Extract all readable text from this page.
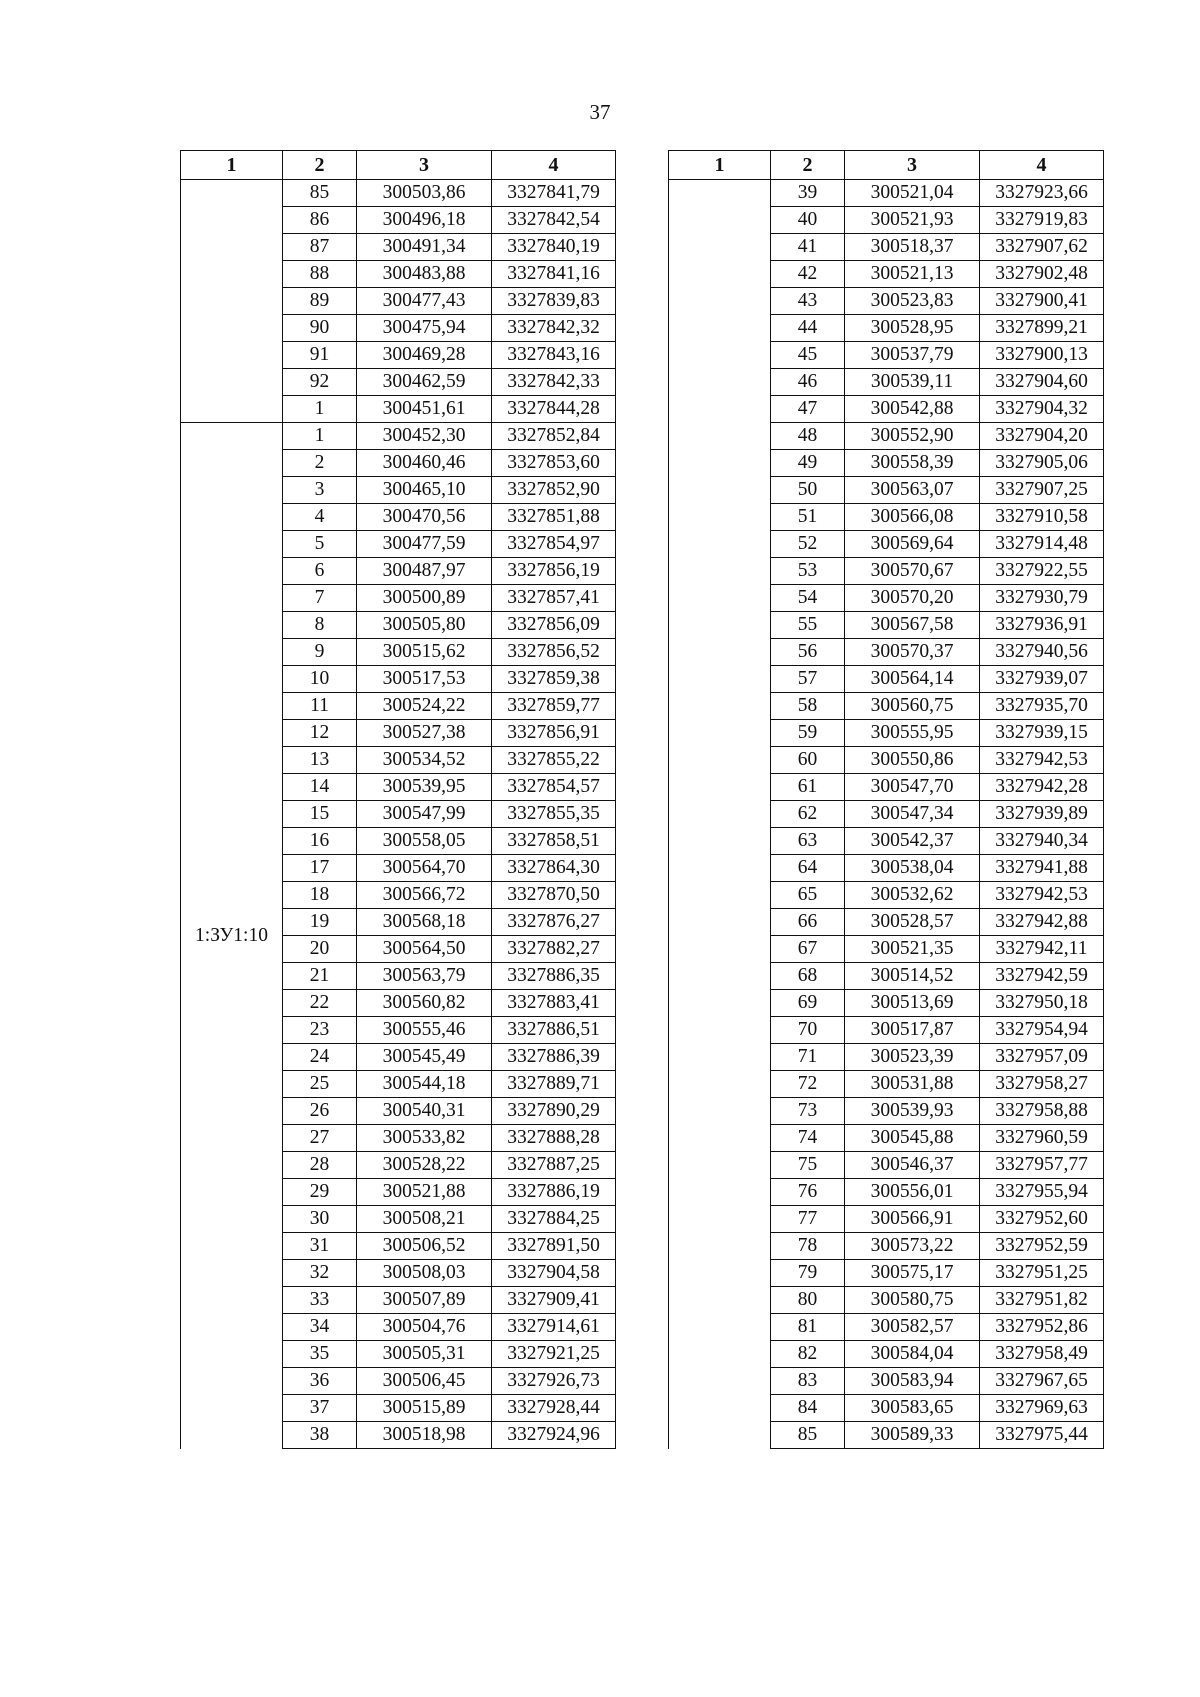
37
1	2	3	4
	85	300503,86	3327841,79
	86	300496,18	3327842,54
	87	300491,34	3327840,19
	88	300483,88	3327841,16
	89	300477,43	3327839,83
	90	300475,94	3327842,32
	91	300469,28	3327843,16
	92	300462,59	3327842,33
	1	300451,61	3327844,28
1:ЗУ1:10	1	300452,30	3327852,84
	2	300460,46	3327853,60
	3	300465,10	3327852,90
	4	300470,56	3327851,88
	5	300477,59	3327854,97
	6	300487,97	3327856,19
	7	300500,89	3327857,41
	8	300505,80	3327856,09
	9	300515,62	3327856,52
	10	300517,53	3327859,38
	11	300524,22	3327859,77
	12	300527,38	3327856,91
	13	300534,52	3327855,22
	14	300539,95	3327854,57
	15	300547,99	3327855,35
	16	300558,05	3327858,51
	17	300564,70	3327864,30
	18	300566,72	3327870,50
	19	300568,18	3327876,27
	20	300564,50	3327882,27
	21	300563,79	3327886,35
	22	300560,82	3327883,41
	23	300555,46	3327886,51
	24	300545,49	3327886,39
	25	300544,18	3327889,71
	26	300540,31	3327890,29
	27	300533,82	3327888,28
	28	300528,22	3327887,25
	29	300521,88	3327886,19
	30	300508,21	3327884,25
	31	300506,52	3327891,50
	32	300508,03	3327904,58
	33	300507,89	3327909,41
	34	300504,76	3327914,61
	35	300505,31	3327921,25
	36	300506,45	3327926,73
	37	300515,89	3327928,44
	38	300518,98	3327924,96
1	2	3	4
	39	300521,04	3327923,66
	40	300521,93	3327919,83
	41	300518,37	3327907,62
	42	300521,13	3327902,48
	43	300523,83	3327900,41
	44	300528,95	3327899,21
	45	300537,79	3327900,13
	46	300539,11	3327904,60
	47	300542,88	3327904,32
	48	300552,90	3327904,20
	49	300558,39	3327905,06
	50	300563,07	3327907,25
	51	300566,08	3327910,58
	52	300569,64	3327914,48
	53	300570,67	3327922,55
	54	300570,20	3327930,79
	55	300567,58	3327936,91
	56	300570,37	3327940,56
	57	300564,14	3327939,07
	58	300560,75	3327935,70
	59	300555,95	3327939,15
	60	300550,86	3327942,53
	61	300547,70	3327942,28
	62	300547,34	3327939,89
	63	300542,37	3327940,34
	64	300538,04	3327941,88
	65	300532,62	3327942,53
	66	300528,57	3327942,88
	67	300521,35	3327942,11
	68	300514,52	3327942,59
	69	300513,69	3327950,18
	70	300517,87	3327954,94
	71	300523,39	3327957,09
	72	300531,88	3327958,27
	73	300539,93	3327958,88
	74	300545,88	3327960,59
	75	300546,37	3327957,77
	76	300556,01	3327955,94
	77	300566,91	3327952,60
	78	300573,22	3327952,59
	79	300575,17	3327951,25
	80	300580,75	3327951,82
	81	300582,57	3327952,86
	82	300584,04	3327958,49
	83	300583,94	3327967,65
	84	300583,65	3327969,63
	85	300589,33	3327975,44
